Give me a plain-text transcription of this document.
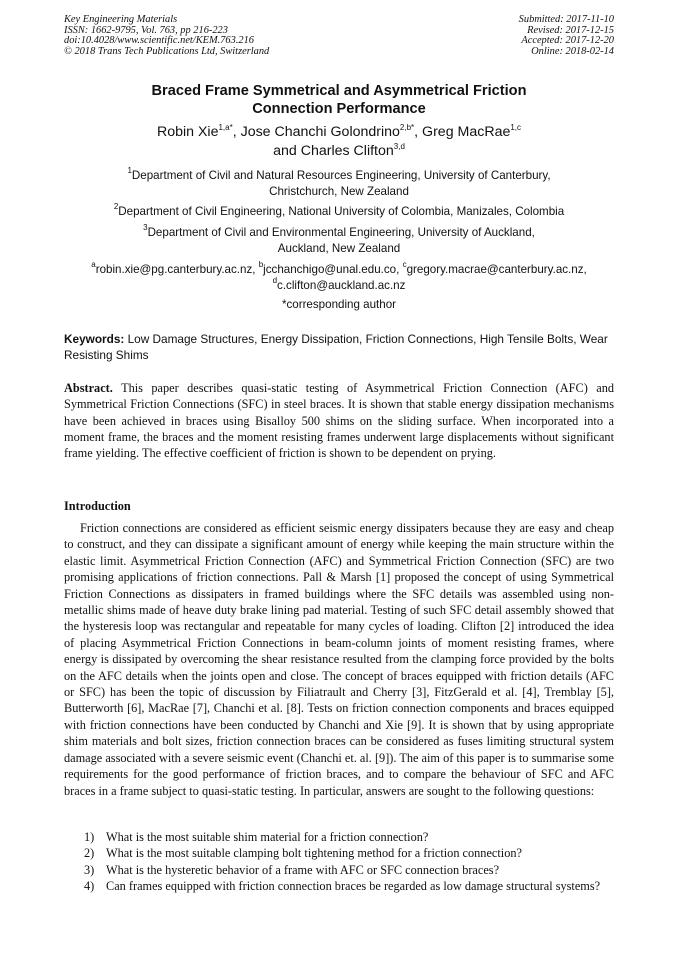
Key Engineering Materials
ISSN: 1662-9795, Vol. 763, pp 216-223
doi:10.4028/www.scientific.net/KEM.763.216
© 2018 Trans Tech Publications Ltd, Switzerland
Submitted: 2017-11-10
Revised: 2017-12-15
Accepted: 2017-12-20
Online: 2018-02-14
Braced Frame Symmetrical and Asymmetrical Friction
Connection Performance
Robin Xie$^{1,a*}$, Jose Chanchi Golondrino$^{2,b*}$, Greg MacRae$^{1,c}$
and Charles Clifton$^{3,d}$
$^1$Department of Civil and Natural Resources Engineering, University of Canterbury,
Christchurch, New Zealand
$^2$Department of Civil Engineering, National University of Colombia, Manizales, Colombia
$^3$Department of Civil and Environmental Engineering, University of Auckland,
Auckland, New Zealand
$^a$robin.xie@pg.canterbury.ac.nz, $^b$jcchanchigo@unal.edu.co, $^c$gregory.macrae@canterbury.ac.nz,
$^d$c.clifton@auckland.ac.nz
*corresponding author
Keywords: Low Damage Structures, Energy Dissipation, Friction Connections, High Tensile Bolts, Wear Resisting Shims
Abstract. This paper describes quasi-static testing of Asymmetrical Friction Connection (AFC) and Symmetrical Friction Connections (SFC) in steel braces. It is shown that stable energy dissipation mechanisms have been achieved in braces using Bisalloy 500 shims on the sliding surface. When incorporated into a moment frame, the braces and the moment resisting frames underwent large displacements without significant frame yielding. The effective coefficient of friction is shown to be dependent on prying.
Introduction
Friction connections are considered as efficient seismic energy dissipaters because they are easy and cheap to construct, and they can dissipate a significant amount of energy while keeping the main structure within the elastic limit. Asymmetrical Friction Connection (AFC) and Symmetrical Friction Connection (SFC) are two promising applications of friction connections. Pall & Marsh [1] proposed the concept of using Symmetrical Friction Connections as dissipaters in framed buildings where the SFC details was assembled using non-metallic shims made of heave duty brake lining pad material. Testing of such SFC detail assembly showed that the hysteresis loop was rectangular and repeatable for many cycles of loading. Clifton [2] introduced the idea of placing Asymmetrical Friction Connections in beam-column joints of moment resisting frames, where energy is dissipated by overcoming the shear resistance resulted from the clamping force provided by the bolts on the AFC details when the joints open and close. The concept of braces equipped with friction details (AFC or SFC) has been the topic of discussion by Filiatrault and Cherry [3], FitzGerald et al. [4], Tremblay [5], Butterworth [6], MacRae [7], Chanchi et al. [8]. Tests on friction connection components and braces equipped with friction connections have been conducted by Chanchi and Xie [9]. It is shown that by using appropriate shim materials and bolt sizes, friction connection braces can be considered as fuses limiting structural system damage associated with a severe seismic event (Chanchi et. al. [9]). The aim of this paper is to summarise some requirements for the good performance of friction braces, and to compare the behaviour of SFC and AFC braces in a frame subject to quasi-static testing. In particular, answers are sought to the following questions:
1) What is the most suitable shim material for a friction connection?
2) What is the most suitable clamping bolt tightening method for a friction connection?
3) What is the hysteretic behavior of a frame with AFC or SFC connection braces?
4) Can frames equipped with friction connection braces be regarded as low damage structural systems?
